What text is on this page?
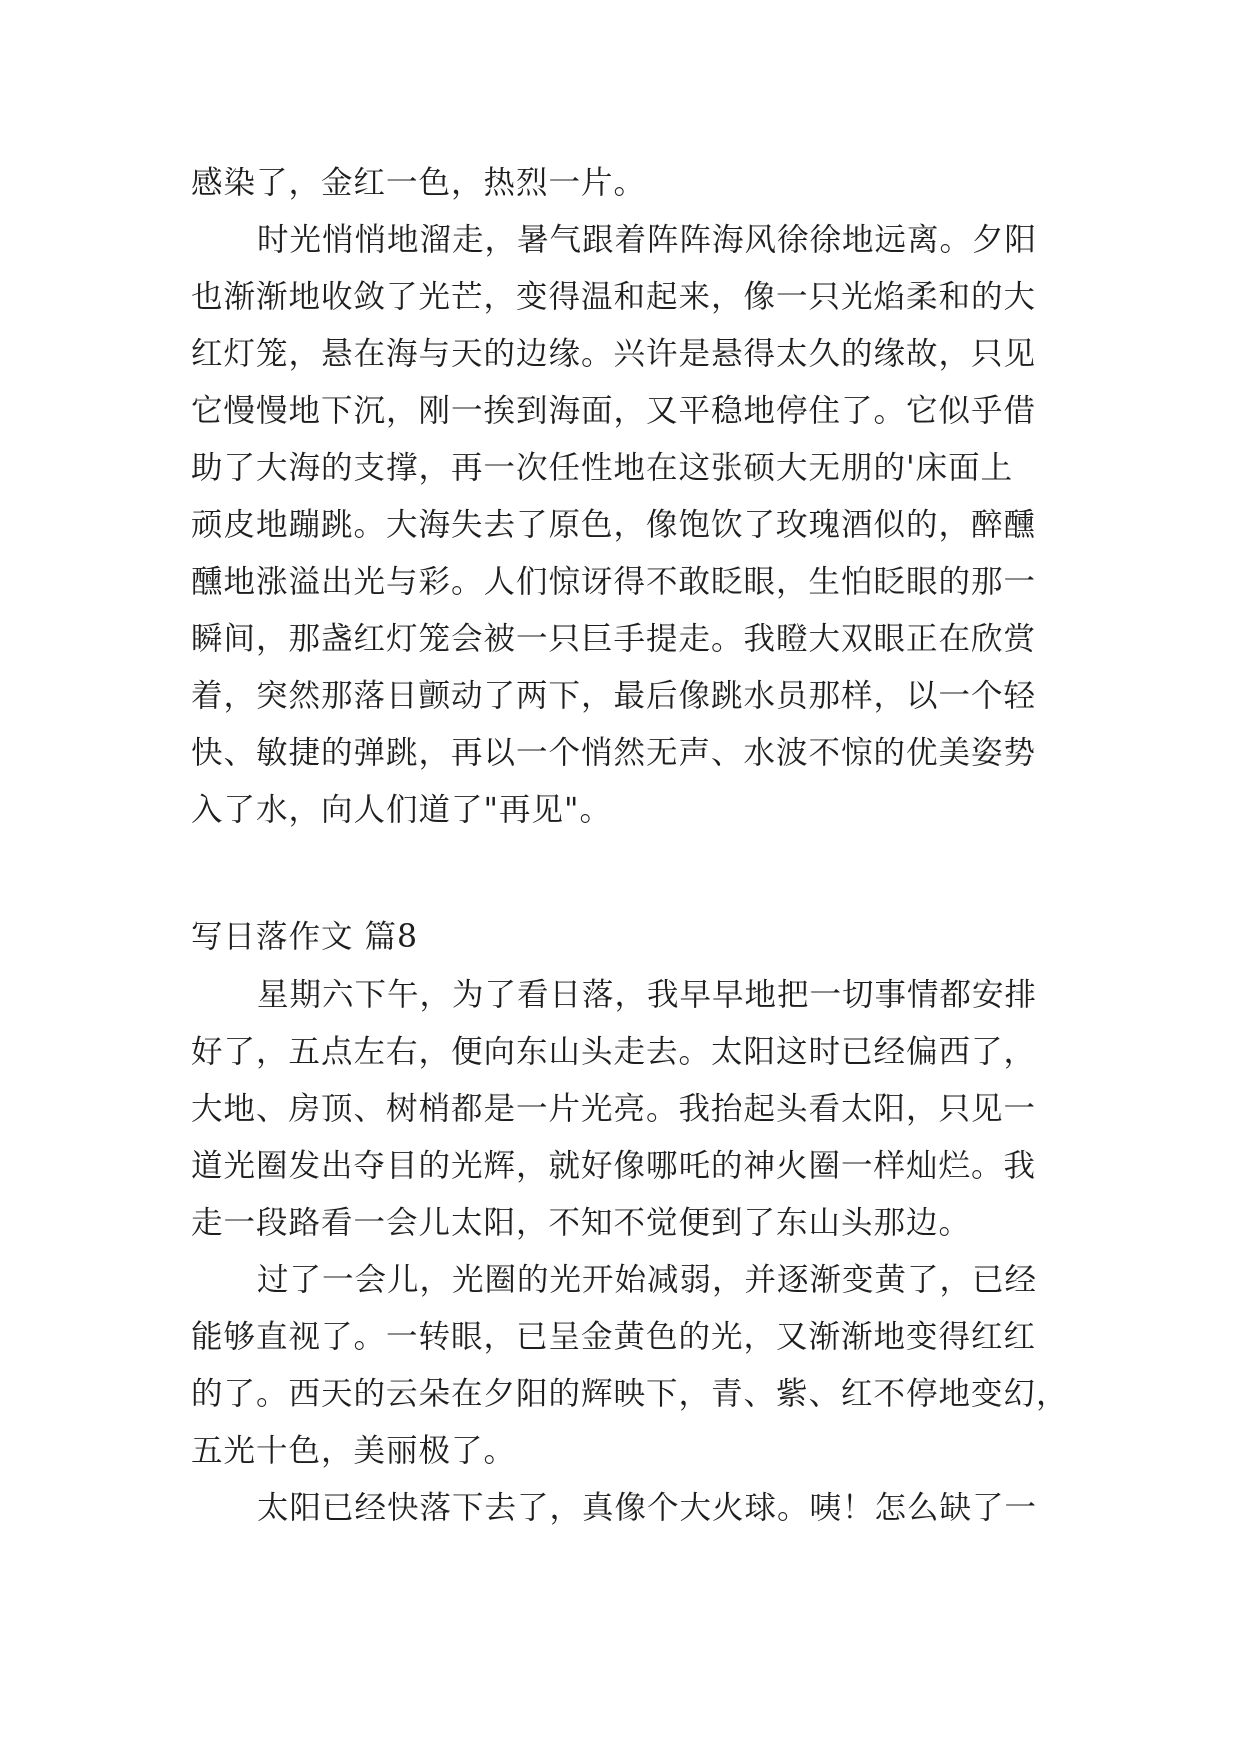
感染了，金红一色，热烈一片。
时光悄悄地溜走，暑气跟着阵阵海风徐徐地远离。夕阳
也渐渐地收敛了光芒，变得温和起来，像一只光焰柔和的大
红灯笼，悬在海与天的边缘。兴许是悬得太久的缘故，只见
它慢慢地下沉，刚一挨到海面，又平稳地停住了。它似乎借
助了大海的支撑，再一次任性地在这张硕大无朋的'床面上
顽皮地蹦跳。大海失去了原色，像饱饮了玫瑰酒似的，醉醺
醺地涨溢出光与彩。人们惊讶得不敢眨眼，生怕眨眼的那一
瞬间，那盏红灯笼会被一只巨手提走。我瞪大双眼正在欣赏
着，突然那落日颤动了两下，最后像跳水员那样，以一个轻
快、敏捷的弹跳，再以一个悄然无声、水波不惊的优美姿势
入了水，向人们道了"再见"。
写日落作文 篇8
星期六下午，为了看日落，我早早地把一切事情都安排
好了，五点左右，便向东山头走去。太阳这时已经偏西了，
大地、房顶、树梢都是一片光亮。我抬起头看太阳，只见一
道光圈发出夺目的光辉，就好像哪吒的神火圈一样灿烂。我
走一段路看一会儿太阳，不知不觉便到了东山头那边。
过了一会儿，光圈的光开始减弱，并逐渐变黄了，已经
能够直视了。一转眼，已呈金黄色的光，又渐渐地变得红红
的了。西天的云朵在夕阳的辉映下，青、紫、红不停地变幻，
五光十色，美丽极了。
太阳已经快落下去了，真像个大火球。咦！怎么缺了一
